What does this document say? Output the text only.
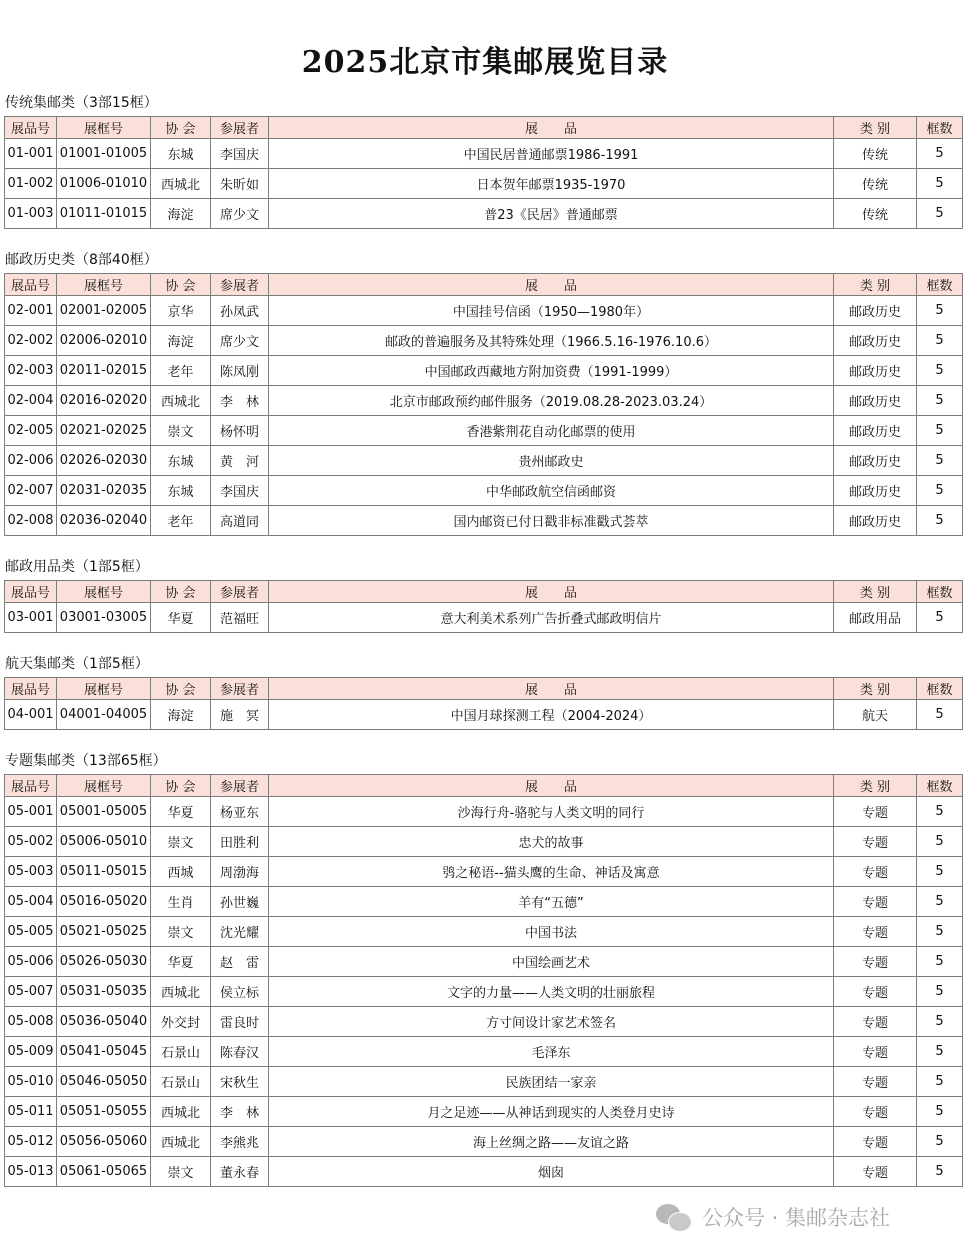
2025北京市集邮展览目录
传统集邮类（3部15框）
展品号	展框号	协 会	参展者	展　　品	类 别	框数
01-001	01001-01005	东城	李国庆	中国民居普通邮票1986-1991	传统	5
01-002	01006-01010	西城北	朱昕如	日本贺年邮票1935-1970	传统	5
01-003	01011-01015	海淀	席少文	普23《民居》普通邮票	传统	5
邮政历史类（8部40框）
展品号	展框号	协 会	参展者	展　　品	类 别	框数
02-001	02001-02005	京华	孙凤武	中国挂号信函（1950—1980年）	邮政历史	5
02-002	02006-02010	海淀	席少文	邮政的普遍服务及其特殊处理（1966.5.16-1976.10.6）	邮政历史	5
02-003	02011-02015	老年	陈凤刚	中国邮政西藏地方附加资费（1991-1999）	邮政历史	5
02-004	02016-02020	西城北	李　林	北京市邮政预约邮件服务（2019.08.28-2023.03.24）	邮政历史	5
02-005	02021-02025	崇文	杨怀明	香港紫荆花自动化邮票的使用	邮政历史	5
02-006	02026-02030	东城	黄　河	贵州邮政史	邮政历史	5
02-007	02031-02035	东城	李国庆	中华邮政航空信函邮资	邮政历史	5
02-008	02036-02040	老年	高道同	国内邮资已付日戳非标准戳式荟萃	邮政历史	5
邮政用品类（1部5框）
展品号	展框号	协 会	参展者	展　　品	类 别	框数
03-001	03001-03005	华夏	范福旺	意大利美术系列广告折叠式邮政明信片	邮政用品	5
航天集邮类（1部5框）
展品号	展框号	协 会	参展者	展　　品	类 别	框数
04-001	04001-04005	海淀	施　冥	中国月球探测工程（2004-2024）	航天	5
专题集邮类（13部65框）
展品号	展框号	协 会	参展者	展　　品	类 别	框数
05-001	05001-05005	华夏	杨亚东	沙海行舟-骆驼与人类文明的同行	专题	5
05-002	05006-05010	崇文	田胜利	忠犬的故事	专题	5
05-003	05011-05015	西城	周渤海	鸮之秘语--猫头鹰的生命、神话及寓意	专题	5
05-004	05016-05020	生肖	孙世巍	羊有“五德”	专题	5
05-005	05021-05025	崇文	沈光耀	中国书法	专题	5
05-006	05026-05030	华夏	赵　雷	中国绘画艺术	专题	5
05-007	05031-05035	西城北	侯立标	文字的力量——人类文明的壮丽旅程	专题	5
05-008	05036-05040	外交封	雷良时	方寸间设计家艺术签名	专题	5
05-009	05041-05045	石景山	陈春汉	毛泽东	专题	5
05-010	05046-05050	石景山	宋秋生	民族团结一家亲	专题	5
05-011	05051-05055	西城北	李　林	月之足迹——从神话到现实的人类登月史诗	专题	5
05-012	05056-05060	西城北	李熊兆	海上丝绸之路——友谊之路	专题	5
05-013	05061-05065	崇文	董永春	烟囱	专题	5
公众号 · 集邮杂志社
